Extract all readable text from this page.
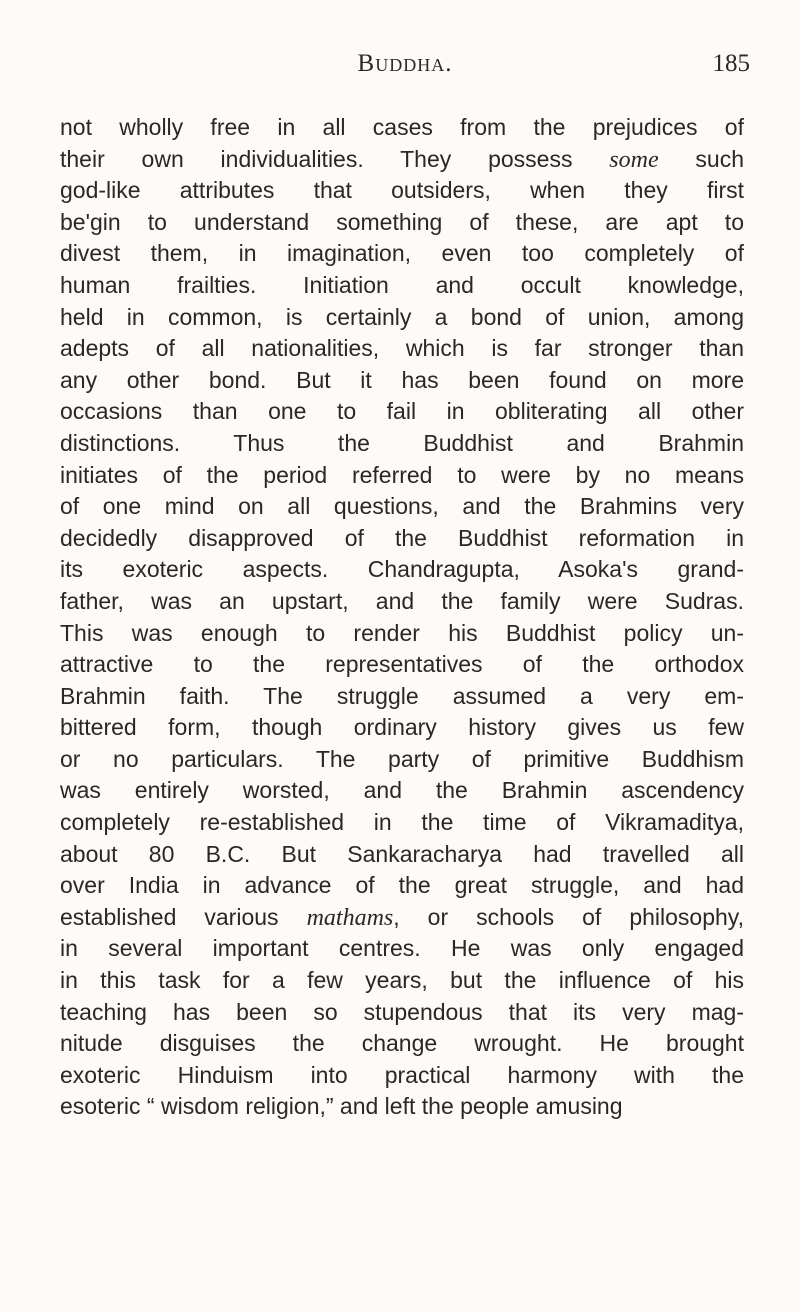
Buddha.	185
not wholly free in all cases from the prejudices of
their own individualities. They possess some such
god-like attributes that outsiders, when they first
be'gin to understand something of these, are apt to
divest them, in imagination, even too completely of
human frailties. Initiation and occult knowledge,
held in common, is certainly a bond of union, among
adepts of all nationalities, which is far stronger than
any other bond. But it has been found on more
occasions than one to fail in obliterating all other
distinctions. Thus the Buddhist and Brahmin
initiates of the period referred to were by no means
of one mind on all questions, and the Brahmins very
decidedly disapproved of the Buddhist reformation in
its exoteric aspects. Chandragupta, Asoka's grand-
father, was an upstart, and the family were Sudras.
This was enough to render his Buddhist policy un-
attractive to the representatives of the orthodox
Brahmin faith. The struggle assumed a very em-
bittered form, though ordinary history gives us few
or no particulars. The party of primitive Buddhism
was entirely worsted, and the Brahmin ascendency
completely re-established in the time of Vikramaditya,
about 80 B.C. But Sankaracharya had travelled all
over India in advance of the great struggle, and had
established various mathams, or schools of philosophy,
in several important centres. He was only engaged
in this task for a few years, but the influence of his
teaching has been so stupendous that its very mag-
nitude disguises the change wrought. He brought
exoteric Hinduism into practical harmony with the
esoteric “ wisdom religion,” and left the people amusing
